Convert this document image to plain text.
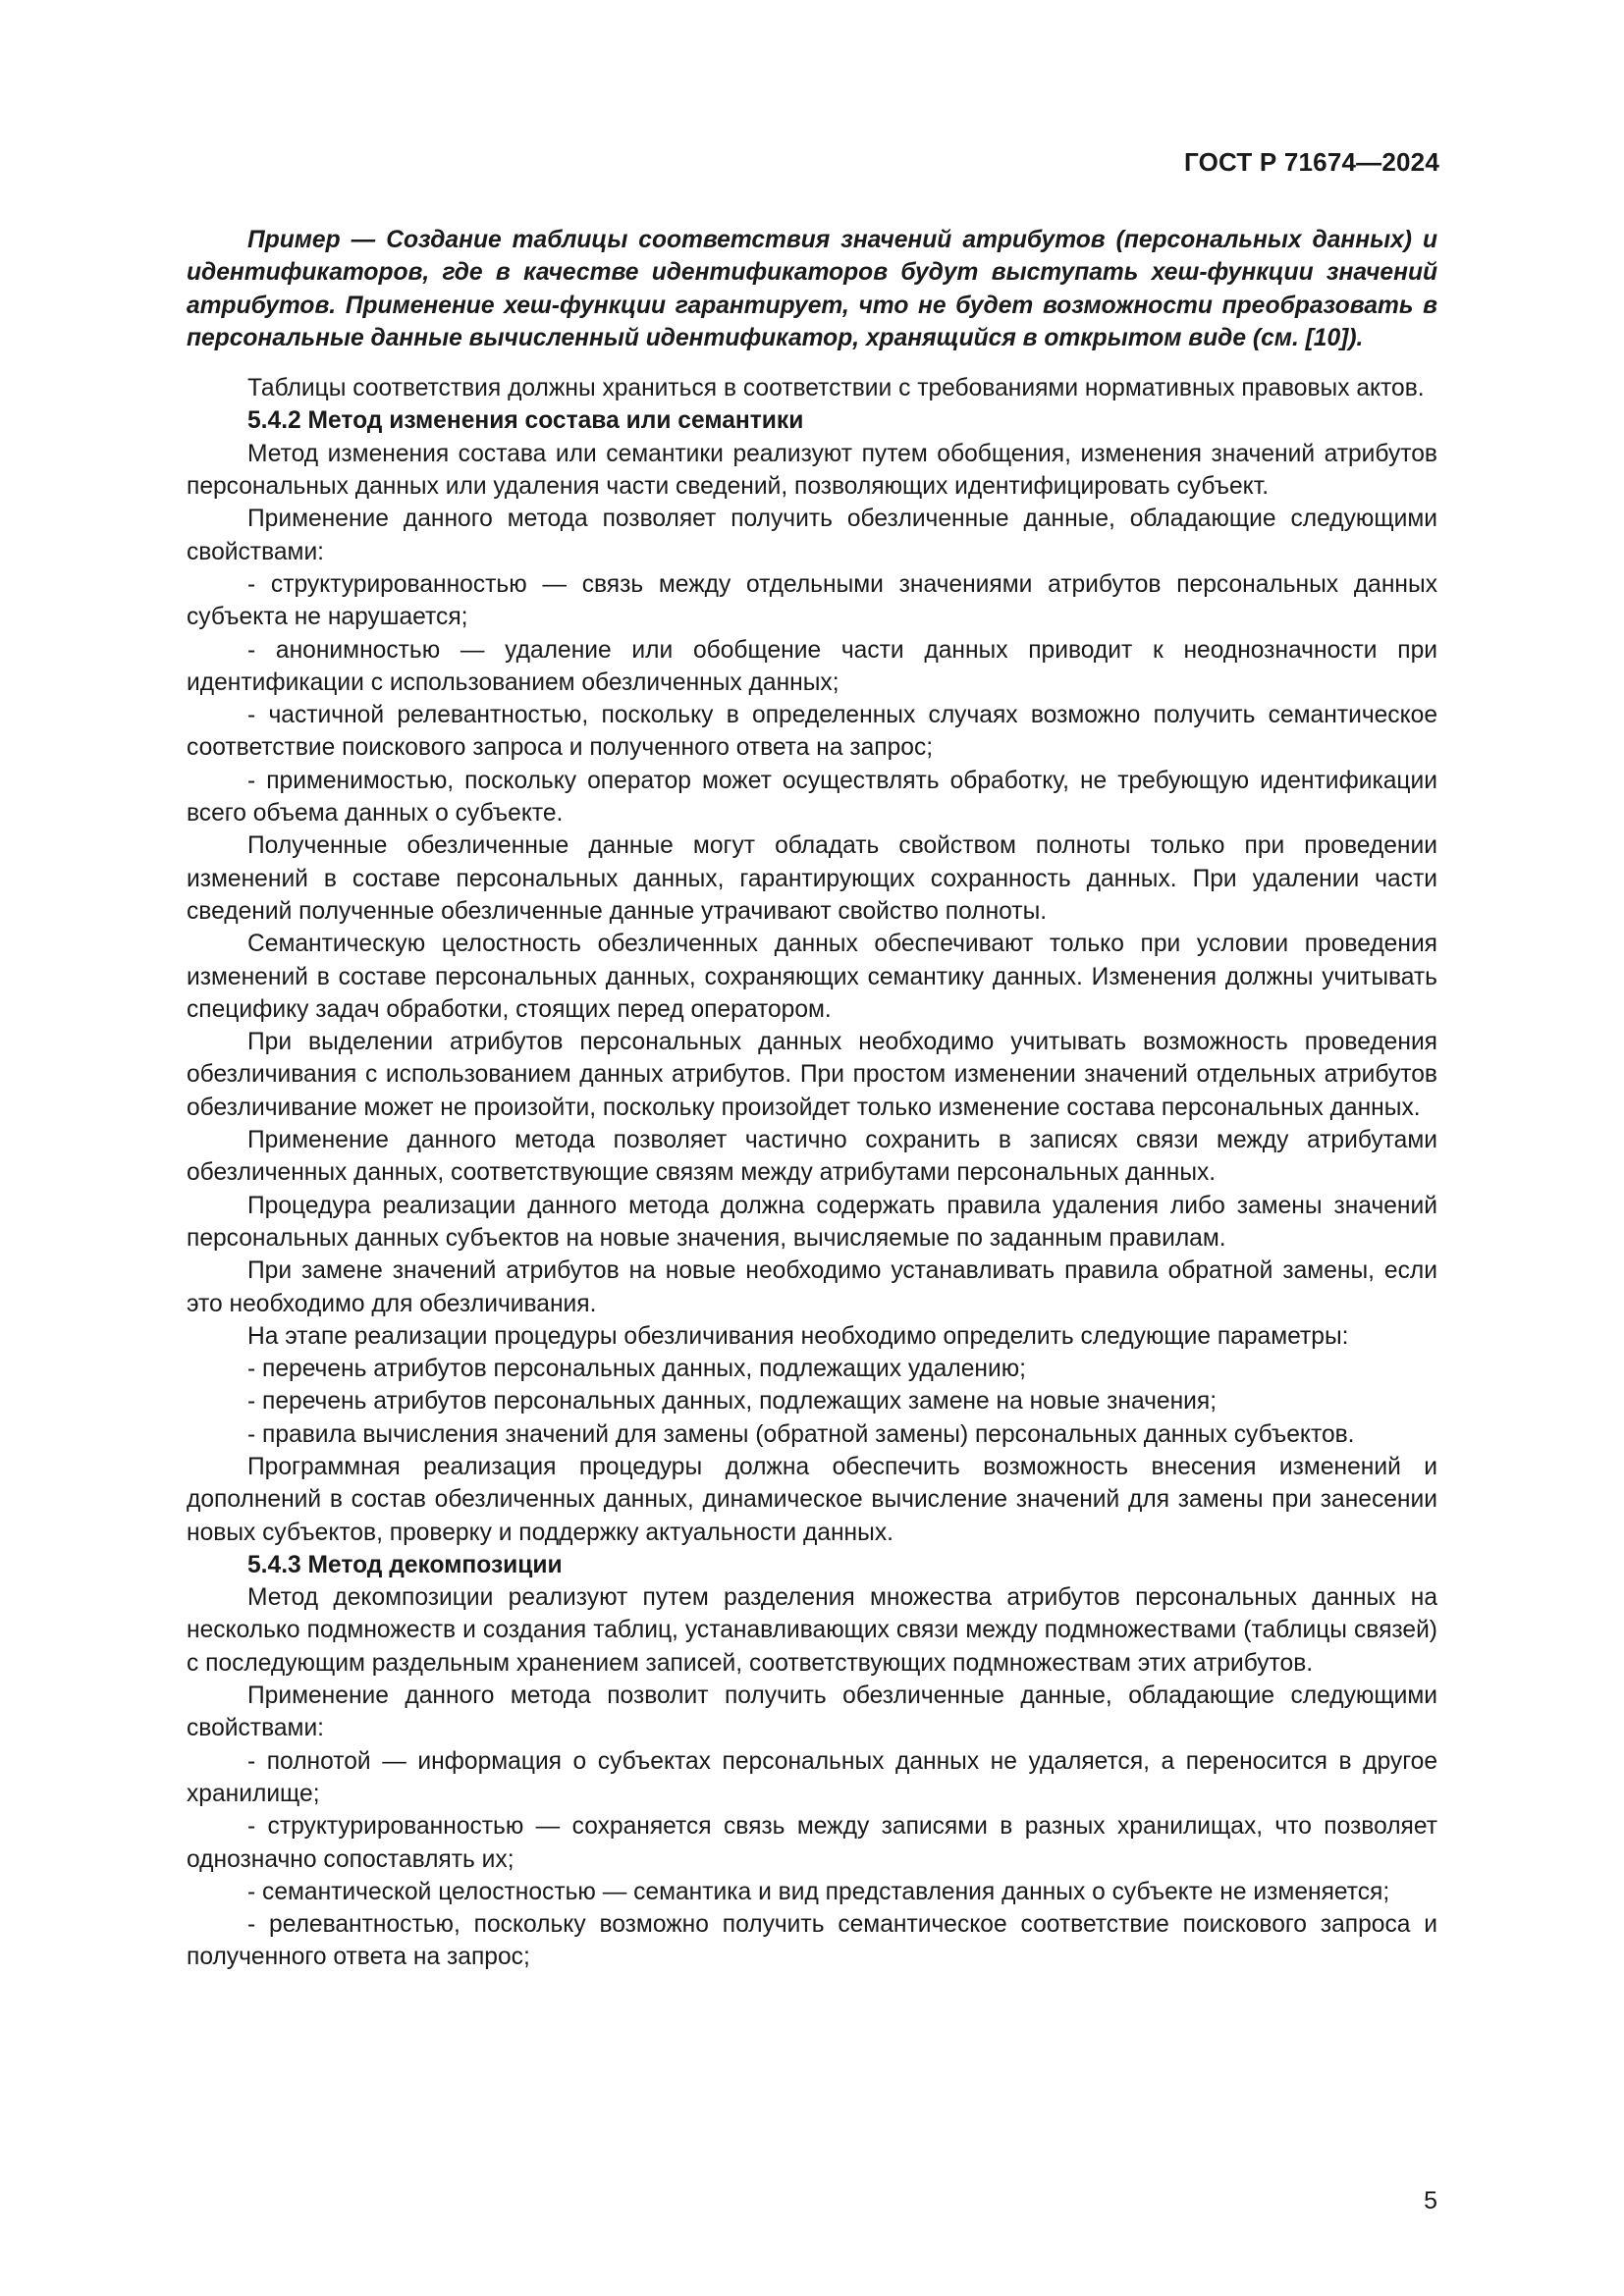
ГОСТ Р 71674—2024

Пример — Создание таблицы соответствия значений атрибутов (персональных данных) и идентификаторов, где в качестве идентификаторов будут выступать хеш-функции значений атрибутов. Применение хеш-функции гарантирует, что не будет возможности преобразовать в персональные данные вычисленный идентификатор, хранящийся в открытом виде (см. [10]).

Таблицы соответствия должны храниться в соответствии с требованиями нормативных правовых актов.

5.4.2 Метод изменения состава или семантики

Метод изменения состава или семантики реализуют путем обобщения, изменения значений атрибутов персональных данных или удаления части сведений, позволяющих идентифицировать субъект.

Применение данного метода позволяет получить обезличенные данные, обладающие следующими свойствами:

- структурированностью — связь между отдельными значениями атрибутов персональных данных субъекта не нарушается;

- анонимностью — удаление или обобщение части данных приводит к неоднозначности при идентификации с использованием обезличенных данных;

- частичной релевантностью, поскольку в определенных случаях возможно получить семантическое соответствие поискового запроса и полученного ответа на запрос;

- применимостью, поскольку оператор может осуществлять обработку, не требующую идентификации всего объема данных о субъекте.

Полученные обезличенные данные могут обладать свойством полноты только при проведении изменений в составе персональных данных, гарантирующих сохранность данных. При удалении части сведений полученные обезличенные данные утрачивают свойство полноты.

Семантическую целостность обезличенных данных обеспечивают только при условии проведения изменений в составе персональных данных, сохраняющих семантику данных. Изменения должны учитывать специфику задач обработки, стоящих перед оператором.

При выделении атрибутов персональных данных необходимо учитывать возможность проведения обезличивания с использованием данных атрибутов. При простом изменении значений отдельных атрибутов обезличивание может не произойти, поскольку произойдет только изменение состава персональных данных.

Применение данного метода позволяет частично сохранить в записях связи между атрибутами обезличенных данных, соответствующие связям между атрибутами персональных данных.

Процедура реализации данного метода должна содержать правила удаления либо замены значений персональных данных субъектов на новые значения, вычисляемые по заданным правилам.

При замене значений атрибутов на новые необходимо устанавливать правила обратной замены, если это необходимо для обезличивания.

На этапе реализации процедуры обезличивания необходимо определить следующие параметры:

- перечень атрибутов персональных данных, подлежащих удалению;

- перечень атрибутов персональных данных, подлежащих замене на новые значения;

- правила вычисления значений для замены (обратной замены) персональных данных субъектов.

Программная реализация процедуры должна обеспечить возможность внесения изменений и дополнений в состав обезличенных данных, динамическое вычисление значений для замены при занесении новых субъектов, проверку и поддержку актуальности данных.

5.4.3 Метод декомпозиции

Метод декомпозиции реализуют путем разделения множества атрибутов персональных данных на несколько подмножеств и создания таблиц, устанавливающих связи между подмножествами (таблицы связей) с последующим раздельным хранением записей, соответствующих подмножествам этих атрибутов.

Применение данного метода позволит получить обезличенные данные, обладающие следующими свойствами:

- полнотой — информация о субъектах персональных данных не удаляется, а переносится в другое хранилище;

- структурированностью — сохраняется связь между записями в разных хранилищах, что позволяет однозначно сопоставлять их;

- семантической целостностью — семантика и вид представления данных о субъекте не изменяется;

- релевантностью, поскольку возможно получить семантическое соответствие поискового запроса и полученного ответа на запрос;

5
